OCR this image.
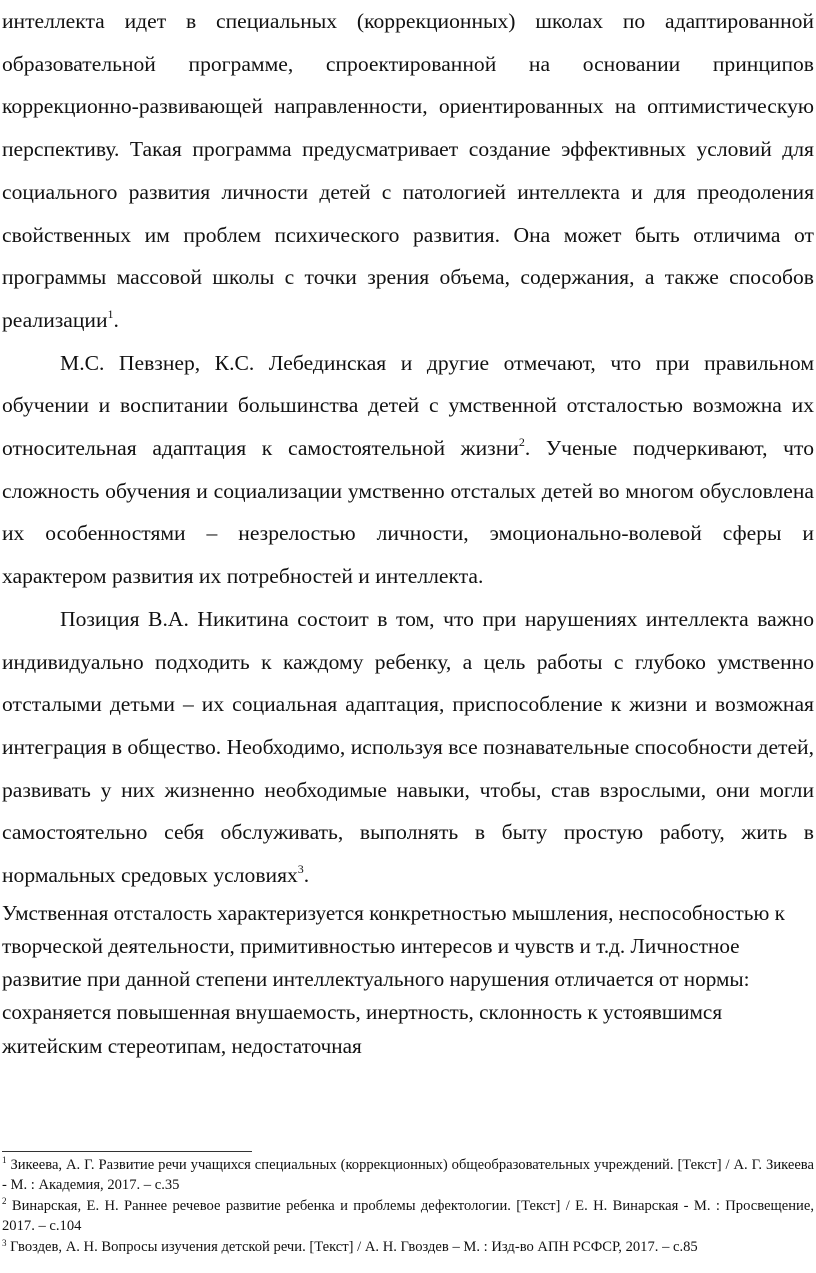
интеллекта идет в специальных (коррекционных) школах по адаптированной образовательной программе, спроектированной на основании принципов коррекционно-развивающей направленности, ориентированных на оптимистическую перспективу. Такая программа предусматривает создание эффективных условий для социального развития личности детей с патологией интеллекта и для преодоления свойственных им проблем психического развития. Она может быть отличима от программы массовой школы с точки зрения объема, содержания, а также способов реализации$^1$.

М.С. Певзнер, К.С. Лебединская и другие отмечают, что при правильном обучении и воспитании большинства детей с умственной отсталостью возможна их относительная адаптация к самостоятельной жизни$^2$. Ученые подчеркивают, что сложность обучения и социализации умственно отсталых детей во многом обусловлена их особенностями – незрелостью личности, эмоционально-волевой сферы и характером развития их потребностей и интеллекта.

Позиция В.А. Никитина состоит в том, что при нарушениях интеллекта важно индивидуально подходить к каждому ребенку, а цель работы с глубоко умственно отсталыми детьми – их социальная адаптация, приспособление к жизни и возможная интеграция в общество. Необходимо, используя все познавательные способности детей, развивать у них жизненно необходимые навыки, чтобы, став взрослыми, они могли самостоятельно себя обслуживать, выполнять в быту простую работу, жить в нормальных средовых условиях$^3$.

Умственная отсталость характеризуется конкретностью мышления, неспособностью к творческой деятельности, примитивностью интересов и чувств и т.д. Личностное развитие при данной степени интеллектуального нарушения отличается от нормы: сохраняется повышенная внушаемость, инертность, склонность к устоявшимся житейским стереотипам, недостаточная

$^1$ Зикеева, А. Г. Развитие речи учащихся специальных (коррекционных) общеобразовательных учреждений. [Текст] / А. Г. Зикеева - М. : Академия, 2017. – с.35

$^2$ Винарская, Е. Н. Раннее речевое развитие ребенка и проблемы дефектологии. [Текст] / Е. Н. Винарская - М. : Просвещение, 2017. – с.104

$^3$ Гвоздев, А. Н. Вопросы изучения детской речи. [Текст] / А. Н. Гвоздев – М. : Изд-во АПН РСФСР, 2017. – с.85
